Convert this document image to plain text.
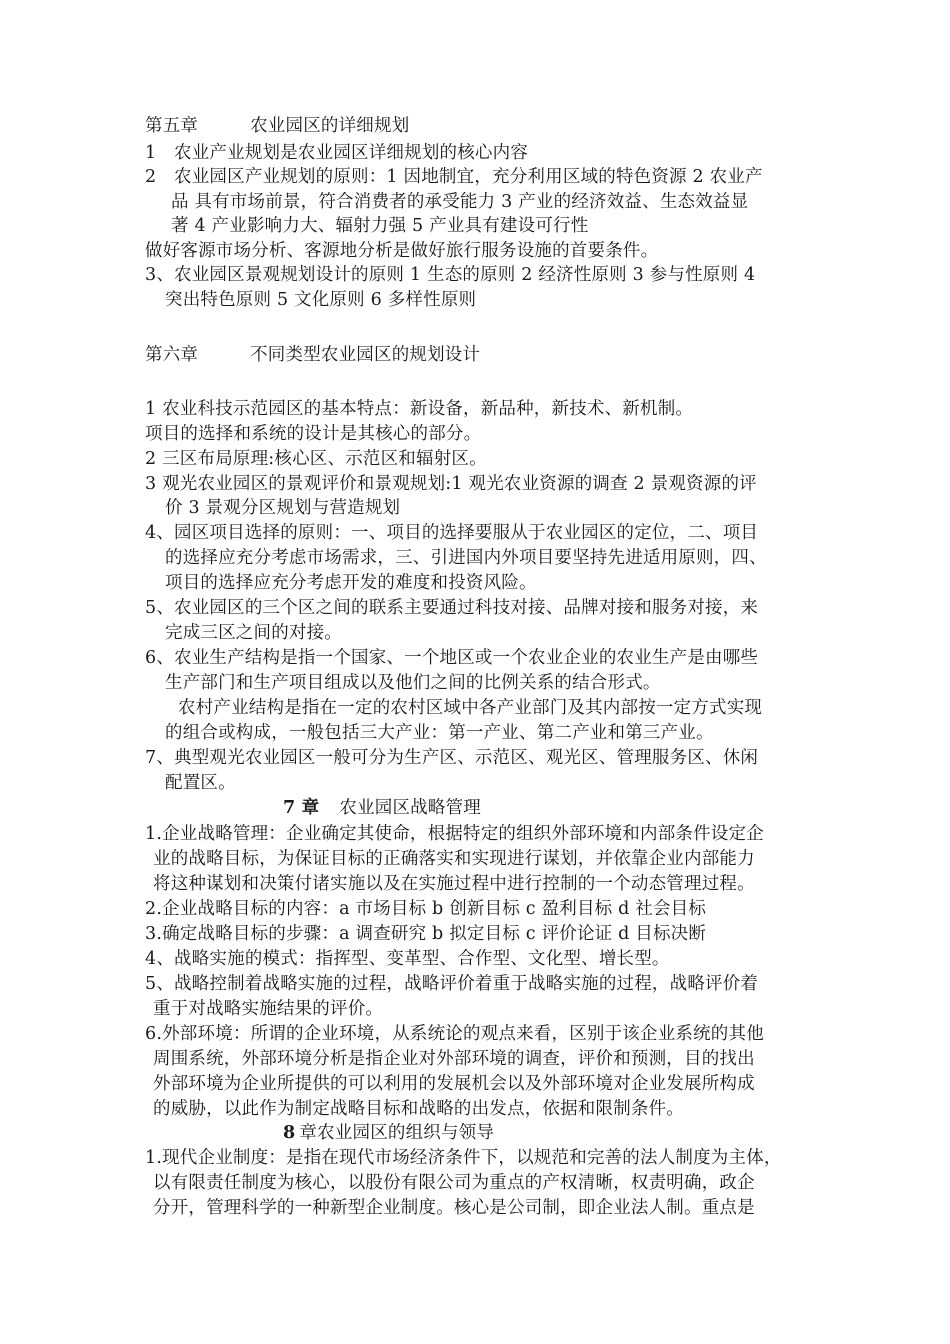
第五章	农业园区的详细规划
1　农业产业规划是农业园区详细规划的核心内容
2　农业园区产业规划的原则：1 因地制宜，充分利用区域的特色资源 2 农业产
品 具有市场前景，符合消费者的承受能力 3 产业的经济效益、生态效益显
著 4 产业影响力大、辐射力强 5 产业具有建设可行性
做好客源市场分析、客源地分析是做好旅行服务设施的首要条件。
3、农业园区景观规划设计的原则 1 生态的原则 2 经济性原则 3 参与性原则 4
突出特色原则 5 文化原则 6 多样性原则
第六章	不同类型农业园区的规划设计
1 农业科技示范园区的基本特点：新设备，新品种，新技术、新机制。
项目的选择和系统的设计是其核心的部分。
2 三区布局原理:核心区、示范区和辐射区。
3 观光农业园区的景观评价和景观规划:1 观光农业资源的调查 2 景观资源的评
价 3 景观分区规划与营造规划
4、园区项目选择的原则：一、项目的选择要服从于农业园区的定位，二、项目
的选择应充分考虑市场需求，三、引进国内外项目要坚持先进适用原则，四、
项目的选择应充分考虑开发的难度和投资风险。
5、农业园区的三个区之间的联系主要通过科技对接、品牌对接和服务对接，来
完成三区之间的对接。
6、农业生产结构是指一个国家、一个地区或一个农业企业的农业生产是由哪些
生产部门和生产项目组成以及他们之间的比例关系的结合形式。
农村产业结构是指在一定的农村区域中各产业部门及其内部按一定方式实现
的组合或构成，一般包括三大产业：第一产业、第二产业和第三产业。
7、典型观光农业园区一般可分为生产区、示范区、观光区、管理服务区、休闲
配置区。
7 章 农业园区战略管理
1.企业战略管理：企业确定其使命，根据特定的组织外部环境和内部条件设定企
业的战略目标，为保证目标的正确落实和实现进行谋划，并依靠企业内部能力
将这种谋划和决策付诸实施以及在实施过程中进行控制的一个动态管理过程。
2.企业战略目标的内容：a 市场目标 b 创新目标 c 盈利目标 d 社会目标
3.确定战略目标的步骤：a 调查研究 b 拟定目标 c 评价论证 d 目标决断
4、战略实施的模式：指挥型、变革型、合作型、文化型、增长型。
5、战略控制着战略实施的过程，战略评价着重于战略实施的过程，战略评价着
重于对战略实施结果的评价。
6.外部环境：所谓的企业环境，从系统论的观点来看，区别于该企业系统的其他
周围系统，外部环境分析是指企业对外部环境的调查，评价和预测，目的找出
外部环境为企业所提供的可以利用的发展机会以及外部环境对企业发展所构成
的威胁，以此作为制定战略目标和战略的出发点，依据和限制条件。
8 章农业园区的组织与领导
1.现代企业制度：是指在现代市场经济条件下，以规范和完善的法人制度为主体，
以有限责任制度为核心，以股份有限公司为重点的产权清晰，权责明确，政企
分开，管理科学的一种新型企业制度。核心是公司制，即企业法人制。重点是
